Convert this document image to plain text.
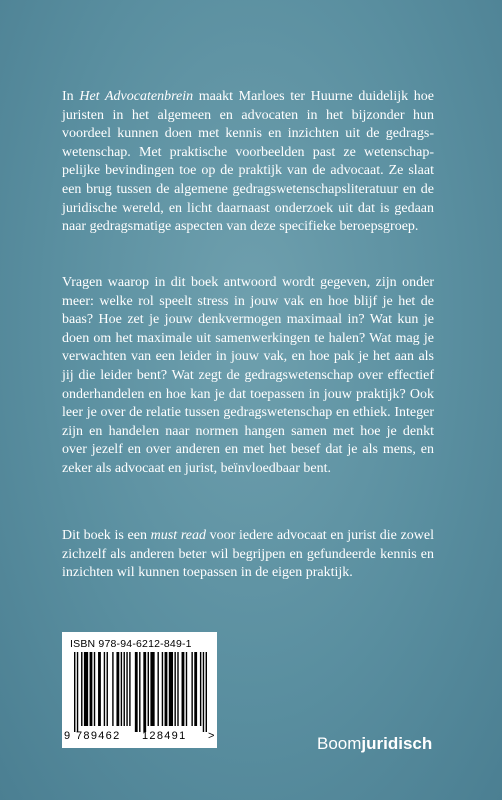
In Het Advocatenbrein maakt Marloes ter Huurne duidelijk hoe juristen in het algemeen en advocaten in het bijzonder hun voordeel kunnen doen met kennis en inzichten uit de gedragswetenschap. Met praktische voorbeelden past ze wetenschappelijke bevindingen toe op de praktijk van de advocaat. Ze slaat een brug tussen de algemene gedragswetenschapsliteratuur en de juridische wereld, en licht daarnaast onderzoek uit dat is gedaan naar gedragsmatige aspecten van deze specifieke beroepsgroep.

Vragen waarop in dit boek antwoord wordt gegeven, zijn onder meer: welke rol speelt stress in jouw vak en hoe blijf je het de baas? Hoe zet je jouw denkvermogen maximaal in? Wat kun je doen om het maximale uit samenwerkingen te halen? Wat mag je verwachten van een leider in jouw vak, en hoe pak je het aan als jij die leider bent? Wat zegt de gedragswetenschap over effectief onderhandelen en hoe kan je dat toepassen in jouw praktijk? Ook leer je over de relatie tussen gedragswetenschap en ethiek. Integer zijn en handelen naar normen hangen samen met hoe je denkt over jezelf en over anderen en met het besef dat je als mens, en zeker als advocaat en jurist, beïnvloedbaar bent.

Dit boek is een must read voor iedere advocaat en jurist die zowel zichzelf als anderen beter wil begrijpen en gefundeerde kennis en inzichten wil kunnen toepassen in de eigen praktijk.

ISBN 978-94-6212-849-1
9 789462 128491 >	Boomjuridisch
